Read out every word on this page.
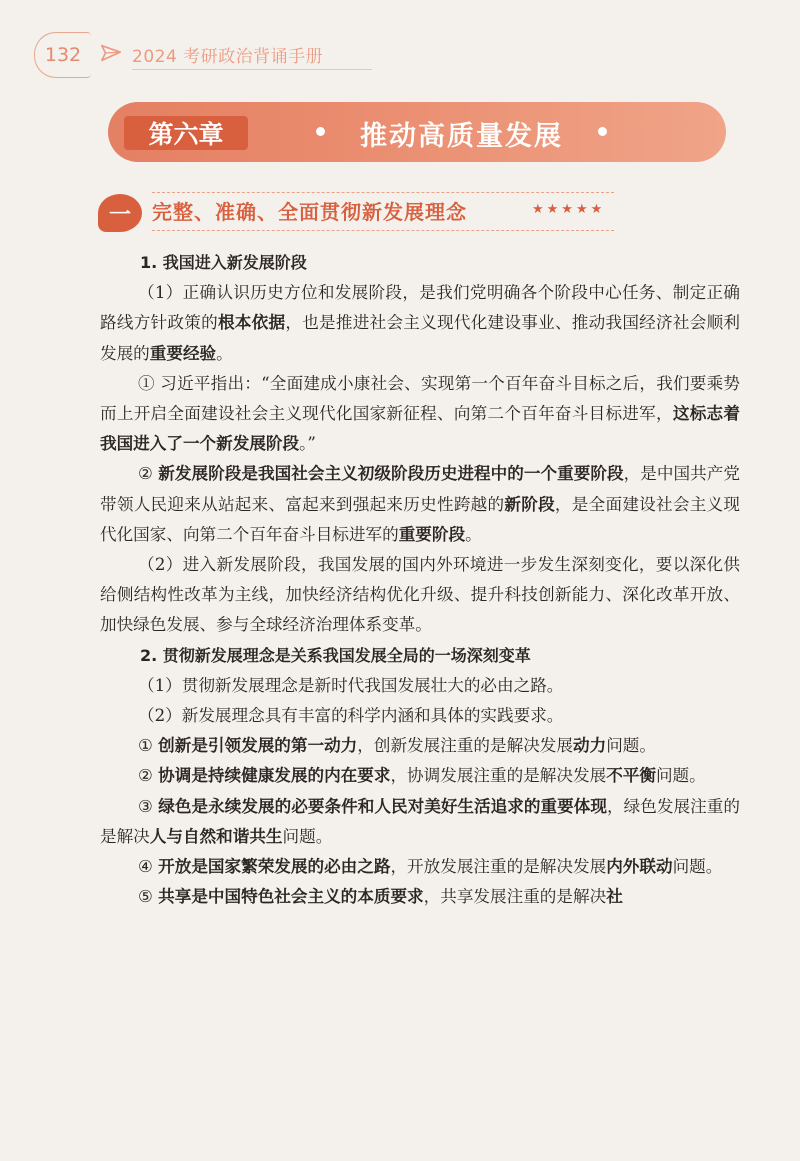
132	2024 考研政治背诵手册
第六章	推动高质量发展
一 完整、准确、全面贯彻新发展理念	★★★★★
1. 我国进入新发展阶段

（1）正确认识历史方位和发展阶段，是我们党明确各个阶段中心任务、制定正确路线方针政策的根本依据，也是推进社会主义现代化建设事业、推动我国经济社会顺利发展的重要经验。

① 习近平指出：“全面建成小康社会、实现第一个百年奋斗目标之后，我们要乘势而上开启全面建设社会主义现代化国家新征程、向第二个百年奋斗目标进军，这标志着我国进入了一个新发展阶段。”

② 新发展阶段是我国社会主义初级阶段历史进程中的一个重要阶段，是中国共产党带领人民迎来从站起来、富起来到强起来历史性跨越的新阶段，是全面建设社会主义现代化国家、向第二个百年奋斗目标进军的重要阶段。

（2）进入新发展阶段，我国发展的国内外环境进一步发生深刻变化，要以深化供给侧结构性改革为主线，加快经济结构优化升级、提升科技创新能力、深化改革开放、加快绿色发展、参与全球经济治理体系变革。

2. 贯彻新发展理念是关系我国发展全局的一场深刻变革

（1）贯彻新发展理念是新时代我国发展壮大的必由之路。

（2）新发展理念具有丰富的科学内涵和具体的实践要求。

① 创新是引领发展的第一动力，创新发展注重的是解决发展动力问题。

② 协调是持续健康发展的内在要求，协调发展注重的是解决发展不平衡问题。

③ 绿色是永续发展的必要条件和人民对美好生活追求的重要体现，绿色发展注重的是解决人与自然和谐共生问题。

④ 开放是国家繁荣发展的必由之路，开放发展注重的是解决发展内外联动问题。

⑤ 共享是中国特色社会主义的本质要求，共享发展注重的是解决社
